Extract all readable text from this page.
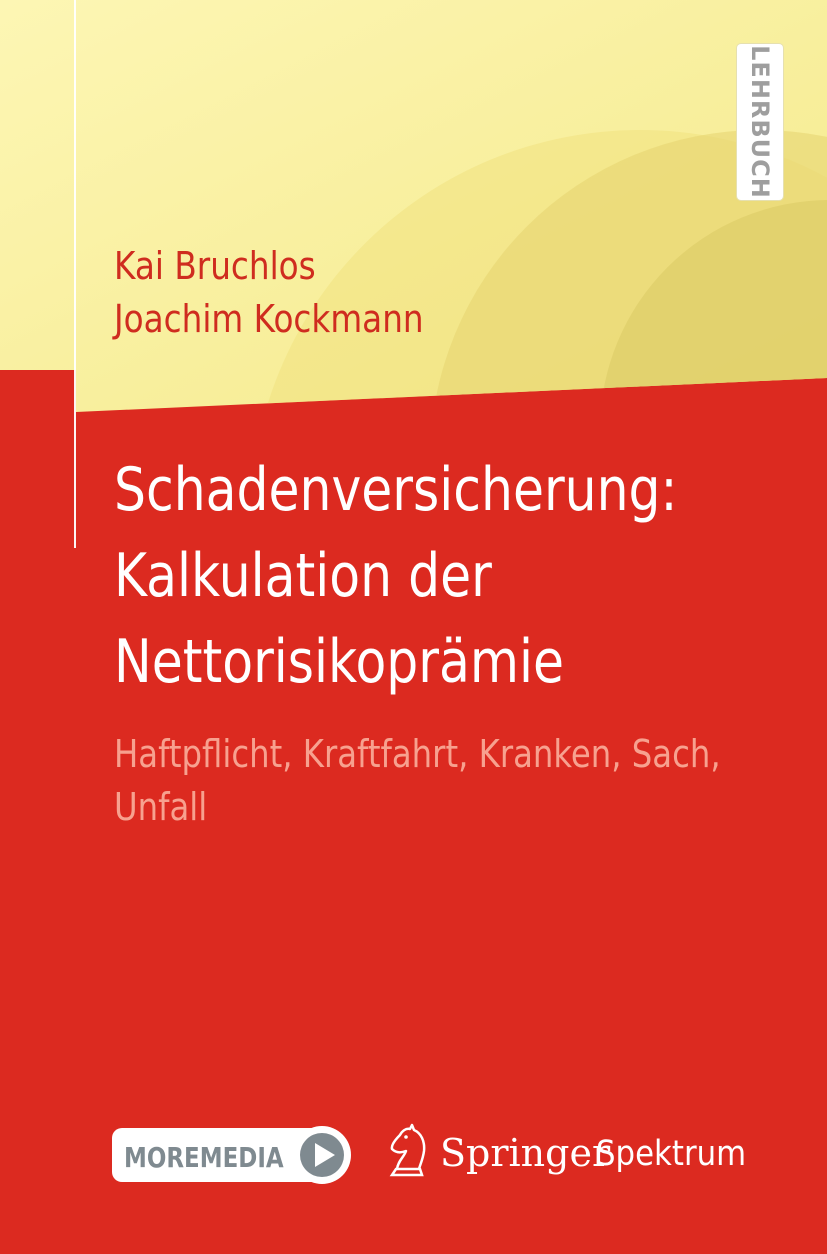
LEHRBUCH
Kai Bruchlos
Joachim Kockmann
Schadenversicherung:
Kalkulation der
Nettorisikoprämie
Haftpflicht, Kraftfahrt, Kranken, Sach,
Unfall
MOREMEDIA	Springer
Spektrum
